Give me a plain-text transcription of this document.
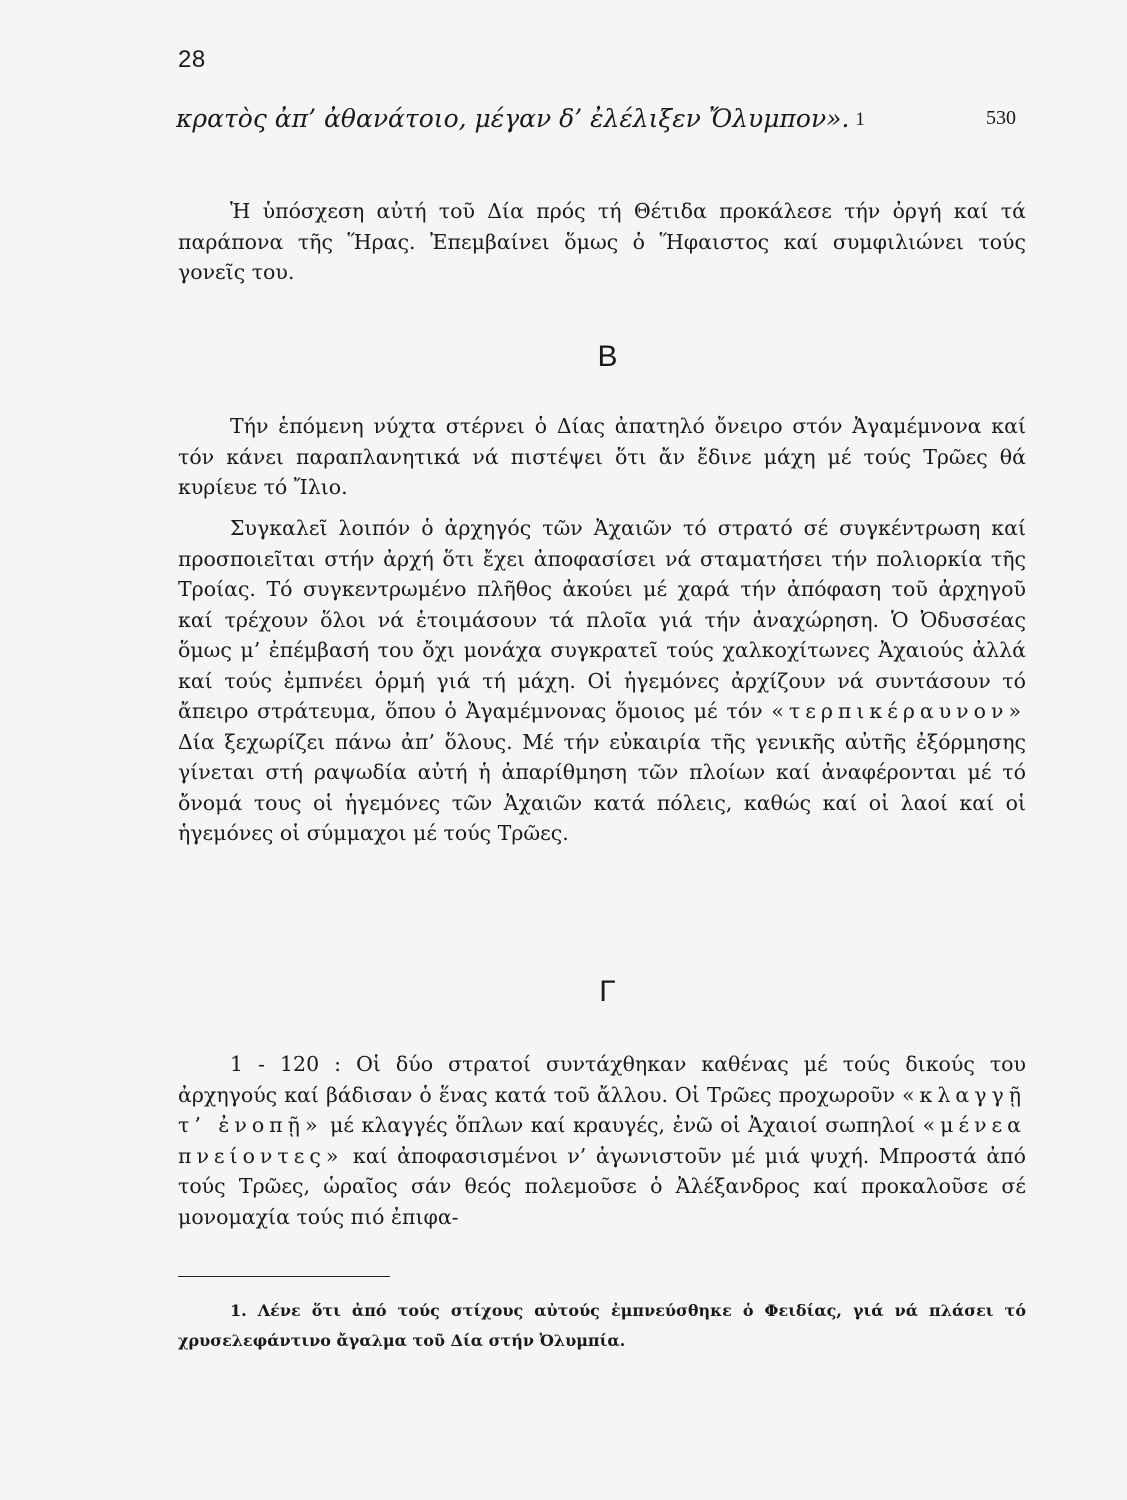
28
κρατὸς ἀπ’ ἀθανάτοιο, μέγαν δ’ ἐλέλιξεν Ὄλυμπον». 1	530

Ἡ ὑπόσχεση αὐτή τοῦ Δία πρός τή Θέτιδα προκάλεσε τήν ὀργή καί τά παράπονα τῆς Ἥρας. Ἐπεμβαίνει ὅμως ὁ Ἥφαιστος καί συμφιλιώνει τούς γονεῖς του.

Β

Τήν ἑπόμενη νύχτα στέρνει ὁ Δίας ἀπατηλό ὄνειρο στόν Ἀγαμέμνονα καί τόν κάνει παραπλανητικά νά πιστέψει ὅτι ἄν ἔδινε μάχη μέ τούς Τρῶες θά κυρίευε τό Ἴλιο.

Συγκαλεῖ λοιπόν ὁ ἀρχηγός τῶν Ἀχαιῶν τό στρατό σέ συγκέντρωση καί προσποιεῖται στήν ἀρχή ὅτι ἔχει ἀποφασίσει νά σταματήσει τήν πολιορκία τῆς Τροίας. Τό συγκεντρωμένο πλῆθος ἀκούει μέ χαρά τήν ἀπόφαση τοῦ ἀρχηγοῦ καί τρέχουν ὅλοι νά ἑτοιμάσουν τά πλοῖα γιά τήν ἀναχώρηση. Ὁ Ὀδυσσέας ὅμως μ’ ἐπέμβασή του ὄχι μονάχα συγκρατεῖ τούς χαλκοχίτωνες Ἀχαιούς ἀλλά καί τούς ἐμπνέει ὁρμή γιά τή μάχη. Οἱ ἡγεμόνες ἀρχίζουν νά συντάσουν τό ἄπειρο στράτευμα, ὅπου ὁ Ἀγαμέμνονας ὅμοιος μέ τόν «τερπικέραυνον» Δία ξεχωρίζει πάνω ἀπ’ ὅλους. Μέ τήν εὐκαιρία τῆς γενικῆς αὐτῆς ἐξόρμησης γίνεται στή ραψωδία αὐτή ἡ ἀπαρίθμηση τῶν πλοίων καί ἀναφέρονται μέ τό ὄνομά τους οἱ ἡγεμόνες τῶν Ἀχαιῶν κατά πόλεις, καθώς καί οἱ λαοί καί οἱ ἡγεμόνες οἱ σύμμαχοι μέ τούς Τρῶες.

Γ

1 - 120 : Οἱ δύο στρατοί συντάχθηκαν καθένας μέ τούς δικούς του ἀρχηγούς καί βάδισαν ὁ ἕνας κατά τοῦ ἄλλου. Οἱ Τρῶες προχωροῦν «κλαγγῇ τ’ ἐνοπῇ» μέ κλαγγές ὅπλων καί κραυγές, ἐνῶ οἱ Ἀχαιοί σωπηλοί «μένεα πνείοντες» καί ἀποφασισμένοι ν’ ἀγωνιστοῦν μέ μιά ψυχή. Μπροστά ἀπό τούς Τρῶες, ὡραῖος σάν θεός πολεμοῦσε ὁ Ἀλέξανδρος καί προκαλοῦσε σέ μονομαχία τούς πιό ἐπιφα-

1. Λένε ὅτι ἀπό τούς στίχους αὐτούς ἐμπνεύσθηκε ὁ Φειδίας, γιά νά πλάσει τό χρυσελεφάντινο ἄγαλμα τοῦ Δία στήν Ὀλυμπία.
